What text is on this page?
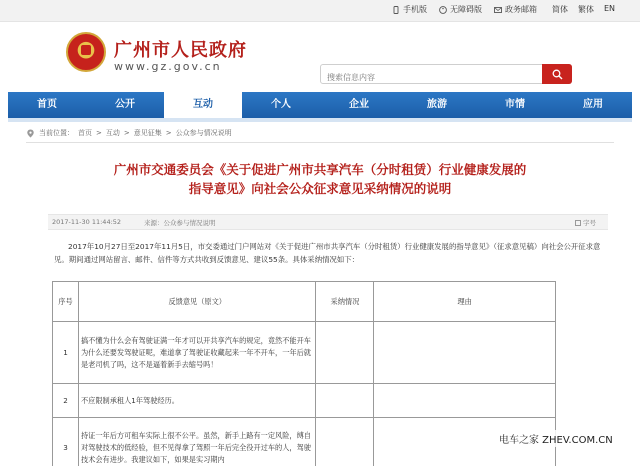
手机版	无障碍版	政务邮箱 简体 繁体 EN
广州市人民政府
www.gz.gov.cn
搜索信息内容
首页	公开	互动	个人	企业	旅游	市情	应用
当前位置： 首页 > 互动 > 意见征集 > 公众参与情况说明
广州市交通委员会《关于促进广州市共享汽车（分时租赁）行业健康发展的
指导意见》向社会公众征求意见采纳情况的说明
2017-11-30 11:44:52	来源：公众参与情况说明	字号
2017年10月27日至2017年11月5日，市交委通过门户网站对《关于促进广州市共享汽车（分时租赁）行业健康发展的指导意见》（征求意见稿）向社会公开征求意见。期间通过网站留言、邮件、信件等方式共收到反馈意见、建议55条。具体采纳情况如下：
序号	反馈意见（原文）	采纳情况	理由
1	搞不懂为什么会有驾驶证满一年才可以开共享汽车的规定，竟然不能开车为什么还要发驾驶证呢，难道拿了驾驶证收藏起来一年不开车，一年后就是老司机了吗，这不是逼着新手去缩号吗！		
2	不应限制承租人1年驾驶经历。		
3	持证一年后方可租车实际上很不公平。虽然，新手上路有一定风险，缚自对驾驶技术的低经验，但不见得拿了驾照一年后完全役开过车的人，驾驶技术会有进步。我建议如下，如果是实习期内		
电车之家 ZHEV.COM.CN
